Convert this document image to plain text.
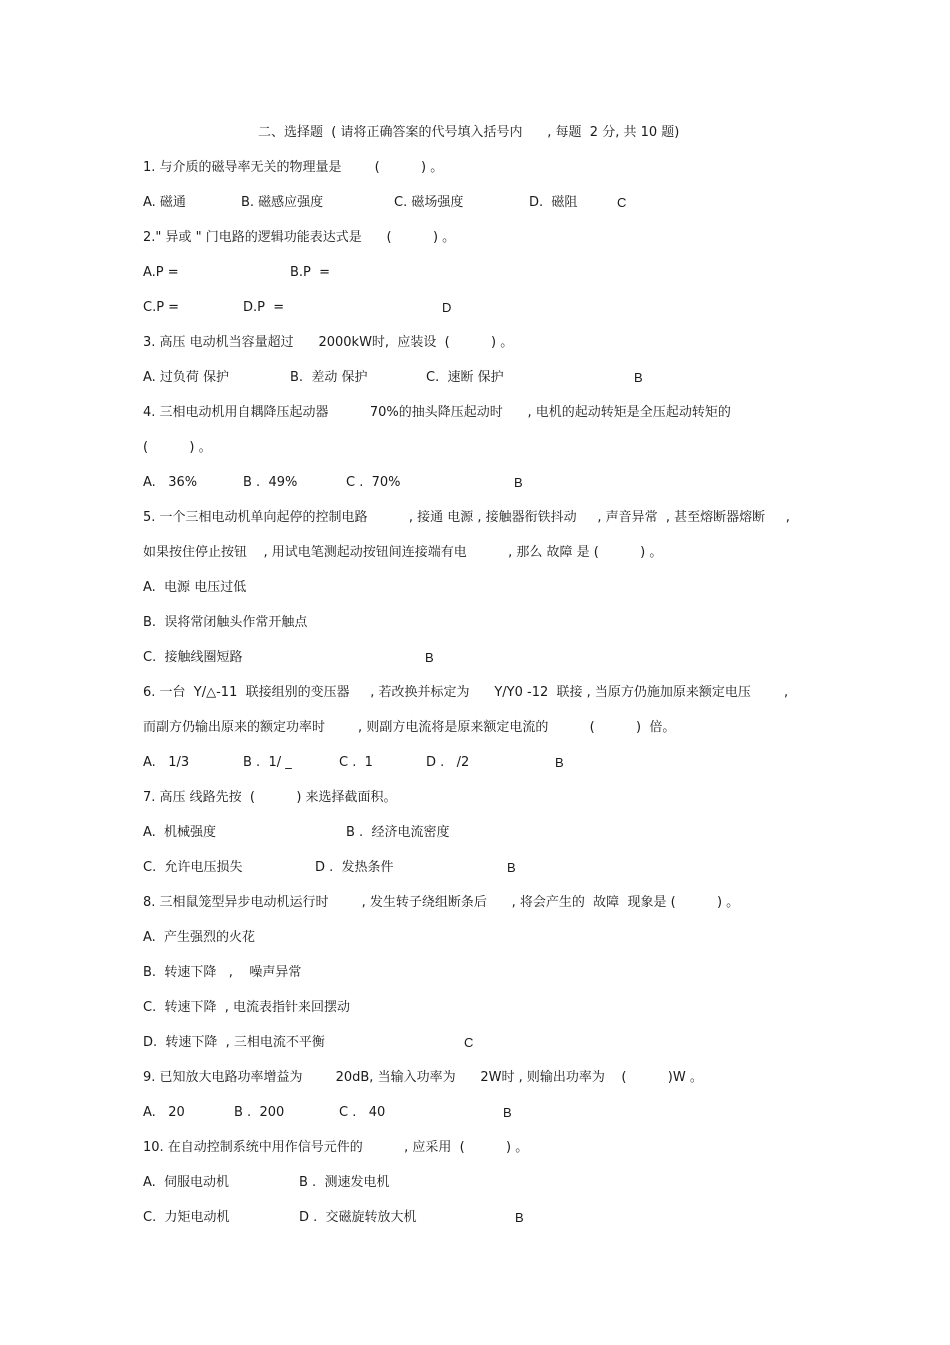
二、选择题  ( 请将正确答案的代号填入括号内      , 每题  2 分, 共 10 题)
1. 与介质的磁导率无关的物理量是        (          ) 。
A. 磁通	B. 磁感应强度	C. 磁场强度	D.  磁阻	C
2." 异或 " 门电路的逻辑功能表达式是      (          ) 。
A.P =	B.P  =
C.P =	D.P  =	D
3. 高压 电动机当容量超过      2000kW时,  应装设  (          ) 。
A. 过负荷 保护	B.  差动 保护	C.  速断 保护	B
4. 三相电动机用自耦降压起动器          70%的抽头降压起动时      , 电机的起动转矩是全压起动转矩的
(          ) 。
A.   36%	B .  49%	C .  70%	B
5. 一个三相电动机单向起停的控制电路          , 接通 电源 , 接触器衔铁抖动     , 声音异常  , 甚至熔断器熔断     ,
如果按住停止按钮    , 用试电笔测起动按钮间连接端有电          , 那么 故障 是 (          ) 。
A.  电源 电压过低
B.  误将常闭触头作常开触点
C.  接触线圈短路	B
6. 一台  Y/△-11  联接组别的变压器     , 若改换并标定为      Y/Y0 -12  联接 , 当原方仍施加原来额定电压        ,
而副方仍输出原来的额定功率时        , 则副方电流将是原来额定电流的          (          )  倍。
A.   1/3	B .  1/ _	C .  1	D .   /2	B
7. 高压 线路先按  (          ) 来选择截面积。
A.  机械强度	B .  经济电流密度
C.  允许电压损失	D .  发热条件	B
8. 三相鼠笼型异步电动机运行时        , 发生转子绕组断条后      , 将会产生的  故障  现象是 (          ) 。
A.  产生强烈的火花
B.  转速下降   ,    噪声异常
C.  转速下降  , 电流表指针来回摆动
D.  转速下降  , 三相电流不平衡	C
9. 已知放大电路功率增益为        20dB, 当输入功率为      2W时 , 则输出功率为    (          )W 。
A.   20	B .  200	C .   40	B
10. 在自动控制系统中用作信号元件的          , 应采用  (          ) 。
A.  伺服电动机	B .  测速发电机
C.  力矩电动机	D .  交磁旋转放大机	B
